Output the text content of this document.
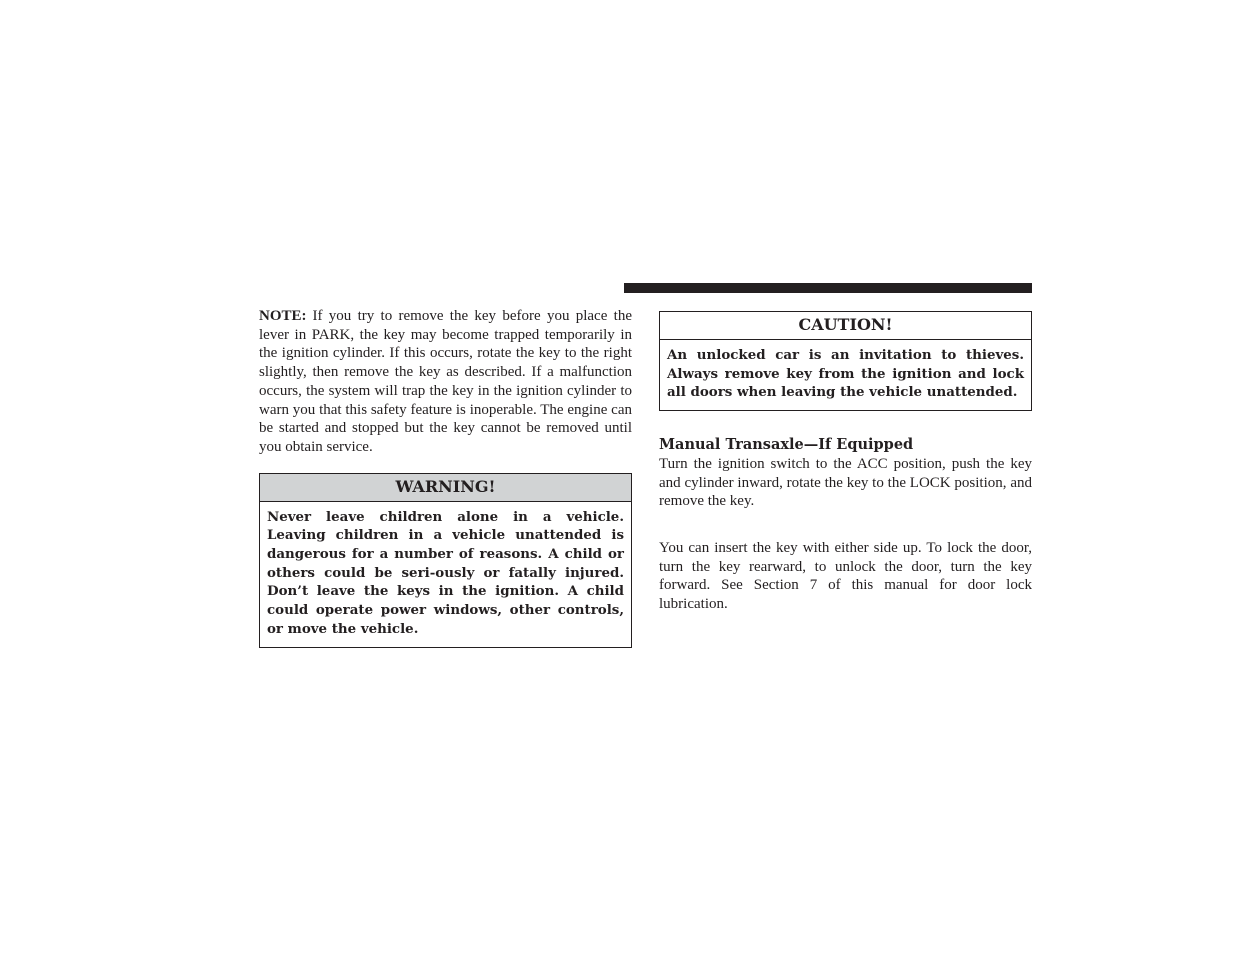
NOTE: If you try to remove the key before you place the lever in PARK, the key may become trapped temporarily in the ignition cylinder. If this occurs, rotate the key to the right slightly, then remove the key as described. If a malfunction occurs, the system will trap the key in the ignition cylinder to warn you that this safety feature is inoperable. The engine can be started and stopped but the key cannot be removed until you obtain service.

WARNING!

Never leave children alone in a vehicle. Leaving children in a vehicle unattended is dangerous for a number of reasons. A child or others could be seri-ously or fatally injured. Don’t leave the keys in the ignition. A child could operate power windows, other controls, or move the vehicle.

CAUTION!

An unlocked car is an invitation to thieves. Always remove key from the ignition and lock all doors when leaving the vehicle unattended.

Manual Transaxle—If Equipped

Turn the ignition switch to the ACC position, push the key and cylinder inward, rotate the key to the LOCK position, and remove the key.

You can insert the key with either side up. To lock the door, turn the key rearward, to unlock the door, turn the key forward. See Section 7 of this manual for door lock lubrication.
